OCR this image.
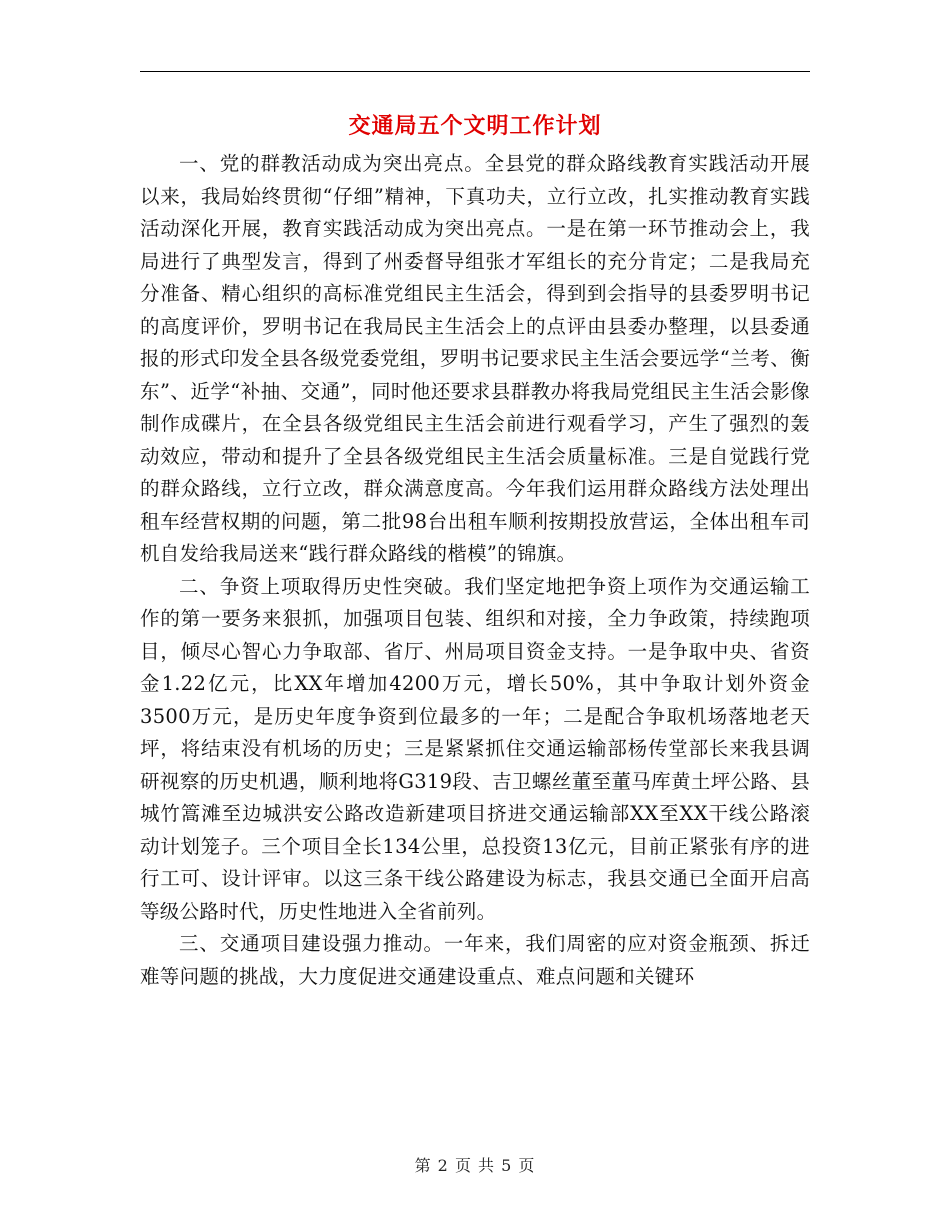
交通局五个文明工作计划

一、党的群教活动成为突出亮点。全县党的群众路线教育实践活动开展以来，我局始终贯彻“仔细”精神，下真功夫，立行立改，扎实推动教育实践活动深化开展，教育实践活动成为突出亮点。一是在第一环节推动会上，我局进行了典型发言，得到了州委督导组张才军组长的充分肯定；二是我局充分准备、精心组织的高标准党组民主生活会，得到到会指导的县委罗明书记的高度评价，罗明书记在我局民主生活会上的点评由县委办整理，以县委通报的形式印发全县各级党委党组，罗明书记要求民主生活会要远学“兰考、衡东”、近学“补抽、交通”，同时他还要求县群教办将我局党组民主生活会影像制作成碟片，在全县各级党组民主生活会前进行观看学习，产生了强烈的轰动效应，带动和提升了全县各级党组民主生活会质量标准。三是自觉践行党的群众路线，立行立改，群众满意度高。今年我们运用群众路线方法处理出租车经营权期的问题，第二批98台出租车顺利按期投放营运，全体出租车司机自发给我局送来“践行群众路线的楷模”的锦旗。

二、争资上项取得历史性突破。我们坚定地把争资上项作为交通运输工作的第一要务来狠抓，加强项目包装、组织和对接，全力争政策，持续跑项目，倾尽心智心力争取部、省厅、州局项目资金支持。一是争取中央、省资金1.22亿元，比XX年增加4200万元，增长50%，其中争取计划外资金3500万元，是历史年度争资到位最多的一年；二是配合争取机场落地老天坪，将结束没有机场的历史；三是紧紧抓住交通运输部杨传堂部长来我县调研视察的历史机遇，顺利地将G319段、吉卫螺丝董至董马库黄土坪公路、县城竹篙滩至边城洪安公路改造新建项目挤进交通运输部XX至XX干线公路滚动计划笼子。三个项目全长134公里，总投资13亿元，目前正紧张有序的进行工可、设计评审。以这三条干线公路建设为标志，我县交通已全面开启高等级公路时代，历史性地进入全省前列。

三、交通项目建设强力推动。一年来，我们周密的应对资金瓶颈、拆迁难等问题的挑战，大力度促进交通建设重点、难点问题和关键环

第 2 页 共 5 页
